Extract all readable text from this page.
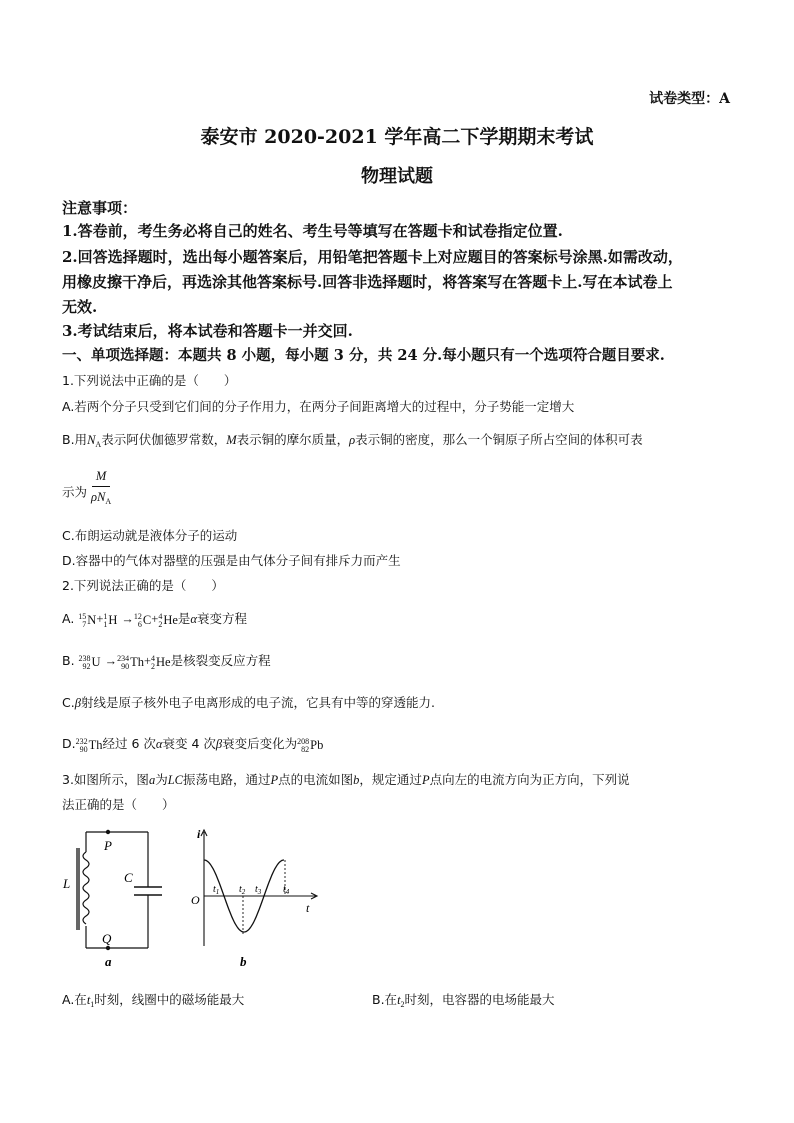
试卷类型：A
泰安市 2020-2021 学年高二下学期期末考试
物理试题
注意事项：
1.答卷前，考生务必将自己的姓名、考生号等填写在答题卡和试卷指定位置.
2.回答选择题时，选出每小题答案后，用铅笔把答题卡上对应题目的答案标号涂黑.如需改动，
用橡皮擦干净后，再选涂其他答案标号.回答非选择题时，将答案写在答题卡上.写在本试卷上
无效.
3.考试结束后，将本试卷和答题卡一并交回.
一、单项选择题：本题共 8 小题，每小题 3 分，共 24 分.每小题只有一个选项符合题目要求.
1.下列说法中正确的是（　　）
A.若两个分子只受到它们间的分子作用力，在两分子间距离增大的过程中，分子势能一定增大
B.用$N_A$表示阿伏伽德罗常数，M表示铜的摩尔质量，ρ表示铜的密度，那么一个铜原子所占空间的体积可表
示为 $\frac{M}{\rho N_A}$
C.布朗运动就是液体分子的运动
D.容器中的气体对器壁的压强是由气体分子间有排斥力而产生
2.下列说法正确的是（　　）
A. 15
7 N+ 1
1 H → 12
6 C+ 4
2 He是α衰变方程
B. 238
92 U → 234
90 Th+ 4
2 He是核裂变反应方程
C.β射线是原子核外电子电离形成的电子流，它具有中等的穿透能力.
D. 232
90 Th经过 6 次α衰变 4 次β衰变后变化为 208
82 Pb
3.如图所示，图a为LC振荡电路，通过P点的电流如图b，规定通过P点向左的电流方向为正方向，下列说
法正确的是（　　）
P
Q
L	C
a
i
O
t
$t_1$ $t_2$ $t_3$ $t_4$
b
A.在$t_1$时刻，线圈中的磁场能最大	B.在$t_2$时刻，电容器的电场能最大
